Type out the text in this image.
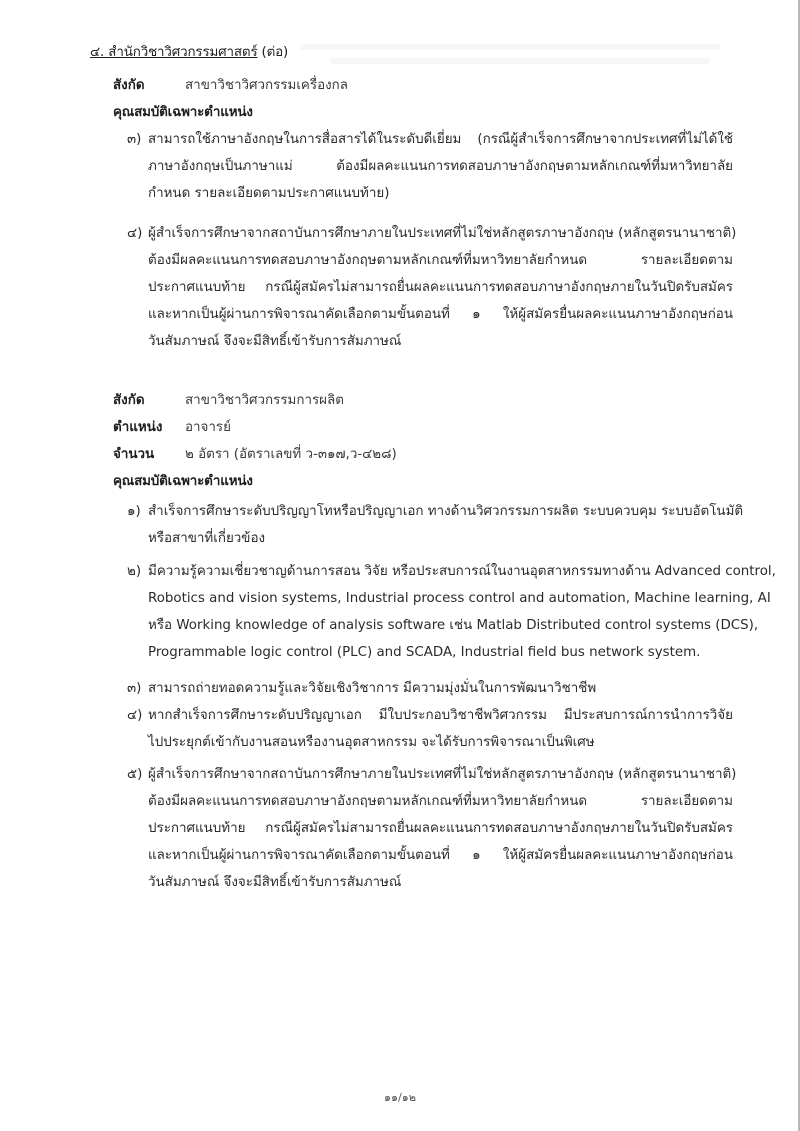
๔. สำนักวิชาวิศวกรรมศาสตร์ (ต่อ)
สังกัด	สาขาวิชาวิศวกรรมเครื่องกล
คุณสมบัติเฉพาะตำแหน่ง
๓) สามารถใช้ภาษาอังกฤษในการสื่อสารได้ในระดับดีเยี่ยม (กรณีผู้สำเร็จการศึกษาจากประเทศที่ไม่ได้ใช้
ภาษาอังกฤษเป็นภาษาแม่ ต้องมีผลคะแนนการทดสอบภาษาอังกฤษตามหลักเกณฑ์ที่มหาวิทยาลัย
กำหนด รายละเอียดตามประกาศแนบท้าย)
๔) ผู้สำเร็จการศึกษาจากสถาบันการศึกษาภายในประเทศที่ไม่ใช่หลักสูตรภาษาอังกฤษ (หลักสูตรนานาชาติ)
ต้องมีผลคะแนนการทดสอบภาษาอังกฤษตามหลักเกณฑ์ที่มหาวิทยาลัยกำหนด รายละเอียดตาม
ประกาศแนบท้าย กรณีผู้สมัครไม่สามารถยื่นผลคะแนนการทดสอบภาษาอังกฤษภายในวันปิดรับสมัคร
และหากเป็นผู้ผ่านการพิจารณาคัดเลือกตามขั้นตอนที่ ๑ ให้ผู้สมัครยื่นผลคะแนนภาษาอังกฤษก่อน
วันสัมภาษณ์ จึงจะมีสิทธิ์เข้ารับการสัมภาษณ์
สังกัด	สาขาวิชาวิศวกรรมการผลิต
ตำแหน่ง อาจารย์
จำนวน ๒ อัตรา (อัตราเลขที่ ว-๓๑๗,ว-๔๒๘)
คุณสมบัติเฉพาะตำแหน่ง
๑) สำเร็จการศึกษาระดับปริญญาโทหรือปริญญาเอก ทางด้านวิศวกรรมการผลิต ระบบควบคุม ระบบอัตโนมัติ
หรือสาขาที่เกี่ยวข้อง
๒) มีความรู้ความเชี่ยวชาญด้านการสอน วิจัย หรือประสบการณ์ในงานอุตสาหกรรมทางด้าน Advanced control,
Robotics and vision systems, Industrial process control and automation, Machine learning, AI
หรือ Working knowledge of analysis software เช่น Matlab Distributed control systems (DCS),
Programmable logic control (PLC) and SCADA, Industrial field bus network system.
๓) สามารถถ่ายทอดความรู้และวิจัยเชิงวิชาการ มีความมุ่งมั่นในการพัฒนาวิชาชีพ
๔) หากสำเร็จการศึกษาระดับปริญญาเอก มีใบประกอบวิชาชีพวิศวกรรม มีประสบการณ์การนำการวิจัย
ไปประยุกต์เข้ากับงานสอนหรืองานอุตสาหกรรม จะได้รับการพิจารณาเป็นพิเศษ
๕) ผู้สำเร็จการศึกษาจากสถาบันการศึกษาภายในประเทศที่ไม่ใช่หลักสูตรภาษาอังกฤษ (หลักสูตรนานาชาติ)
ต้องมีผลคะแนนการทดสอบภาษาอังกฤษตามหลักเกณฑ์ที่มหาวิทยาลัยกำหนด รายละเอียดตาม
ประกาศแนบท้าย กรณีผู้สมัครไม่สามารถยื่นผลคะแนนการทดสอบภาษาอังกฤษภายในวันปิดรับสมัคร
และหากเป็นผู้ผ่านการพิจารณาคัดเลือกตามขั้นตอนที่ ๑ ให้ผู้สมัครยื่นผลคะแนนภาษาอังกฤษก่อน
วันสัมภาษณ์ จึงจะมีสิทธิ์เข้ารับการสัมภาษณ์
๑๑/๑๒
